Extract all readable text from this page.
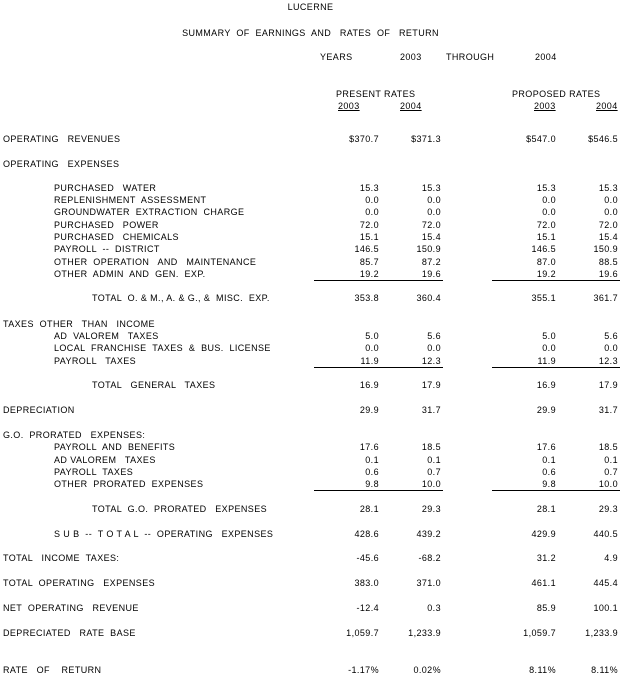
LUCERNE
SUMMARY  OF  EARNINGS  AND   RATES  OF   RETURN
YEARS	2003	THROUGH	2004
PRESENT RATES	PROPOSED RATES
2003	2004	2003	2004
OPERATING   REVENUES	$370.7	$371.3	$547.0	$546.5
OPERATING   EXPENSES
PURCHASED   WATER	15.3	15.3	15.3	15.3
REPLENISHMENT  ASSESSMENT	0.0	0.0	0.0	0.0
GROUNDWATER  EXTRACTION  CHARGE	0.0	0.0	0.0	0.0
PURCHASED   POWER	72.0	72.0	72.0	72.0
PURCHASED   CHEMICALS	15.1	15.4	15.1	15.4
PAYROLL  --  DISTRICT	146.5	150.9	146.5	150.9
OTHER  OPERATION   AND   MAINTENANCE	85.7	87.2	87.0	88.5
OTHER  ADMIN  AND  GEN.  EXP.	19.2	19.6	19.2	19.6
TOTAL  O. & M., A. & G., &  MISC.  EXP.	353.8	360.4	355.1	361.7
TAXES  OTHER   THAN   INCOME
AD  VALOREM   TAXES	5.0	5.6	5.0	5.6
LOCAL  FRANCHISE  TAXES  &  BUS.  LICENSE	0.0	0.0	0.0	0.0
PAYROLL   TAXES	11.9	12.3	11.9	12.3
TOTAL   GENERAL   TAXES	16.9	17.9	16.9	17.9
DEPRECIATION	29.9	31.7	29.9	31.7
G.O.  PRORATED   EXPENSES:
PAYROLL  AND  BENEFITS	17.6	18.5	17.6	18.5
AD VALOREM   TAXES	0.1	0.1	0.1	0.1
PAYROLL  TAXES	0.6	0.7	0.6	0.7
OTHER  PRORATED  EXPENSES	9.8	10.0	9.8	10.0
TOTAL  G.O.  PRORATED   EXPENSES	28.1	29.3	28.1	29.3
S U B  --  T O T A L  --  OPERATING   EXPENSES	428.6	439.2	429.9	440.5
TOTAL   INCOME  TAXES:	-45.6	-68.2	31.2	4.9
TOTAL  OPERATING   EXPENSES	383.0	371.0	461.1	445.4
NET  OPERATING   REVENUE	-12.4	0.3	85.9	100.1
DEPRECIATED   RATE  BASE	1,059.7	1,233.9	1,059.7	1,233.9
RATE   OF    RETURN	-1.17%	0.02%	8.11%	8.11%
